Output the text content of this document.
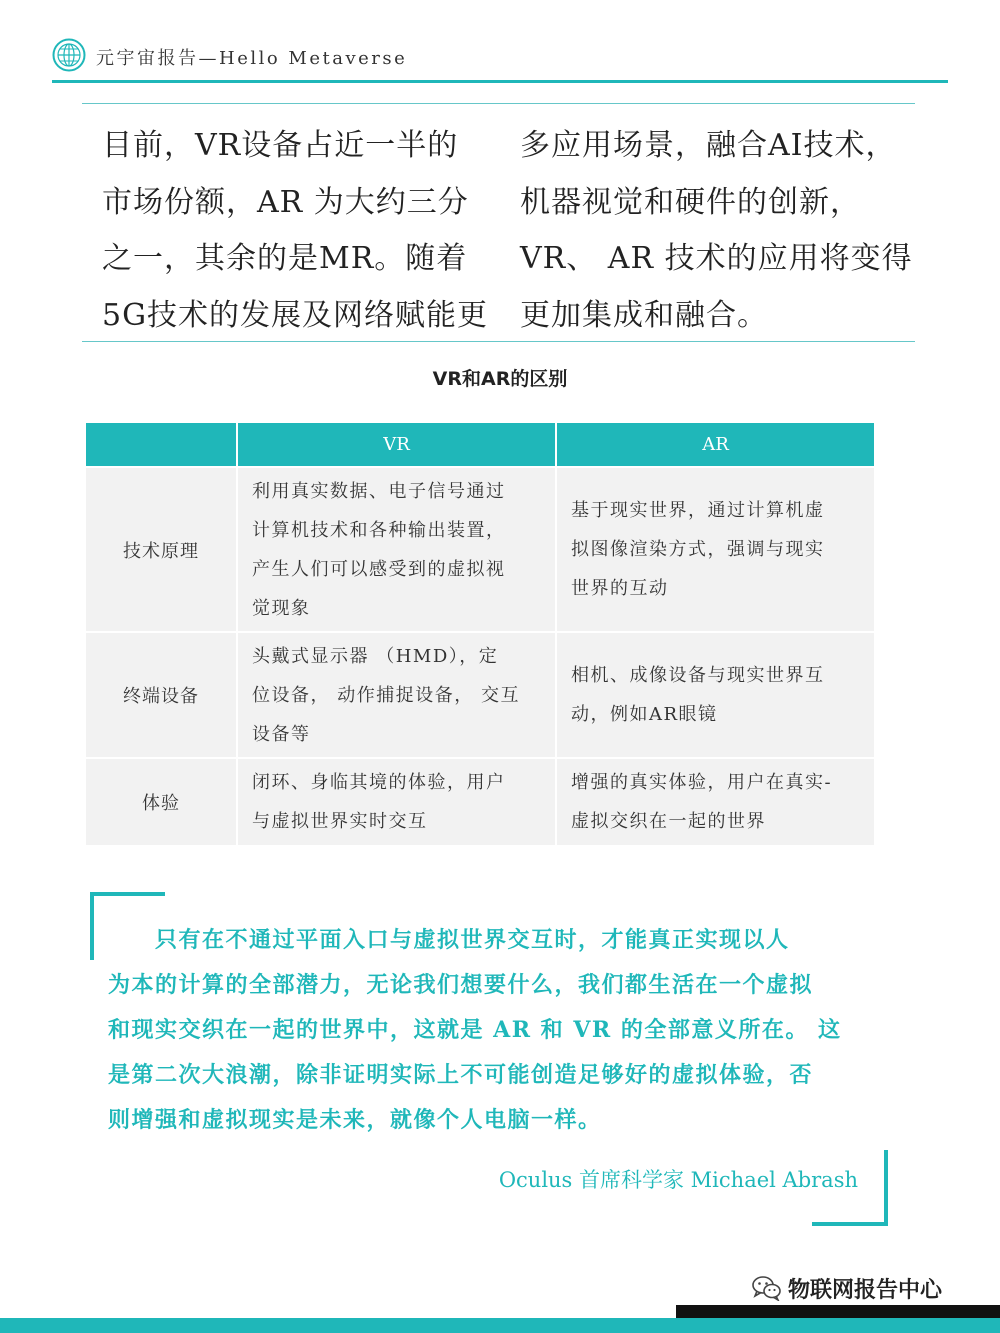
元宇宙报告—Hello Metaverse
目前，VR设备占近一半的
市场份额，AR 为大约三分
之一，其余的是MR。随着
5G技术的发展及网络赋能更
多应用场景，融合AI技术，
机器视觉和硬件的创新，
VR、 AR 技术的应用将变得
更加集成和融合。
VR和AR的区别
VR	AR
技术原理
利用真实数据、电子信号通过
计算机技术和各种输出装置，
产生人们可以感受到的虚拟视
觉现象
基于现实世界，通过计算机虚
拟图像渲染方式，强调与现实
世界的互动
终端设备
头戴式显示器 （HMD），定
位设备， 动作捕捉设备， 交互
设备等
相机、成像设备与现实世界互
动，例如AR眼镜
体验
闭环、身临其境的体验，用户
与虚拟世界实时交互
增强的真实体验，用户在真实-
虚拟交织在一起的世界
　　只有在不通过平面入口与虚拟世界交互时，才能真正实现以人
为本的计算的全部潜力，无论我们想要什么，我们都生活在一个虚拟
和现实交织在一起的世界中，这就是 AR 和 VR 的全部意义所在。 这
是第二次大浪潮，除非证明实际上不可能创造足够好的虚拟体验，否
则增强和虚拟现实是未来，就像个人电脑一样。
Oculus 首席科学家 Michael Abrash
物联网报告中心
